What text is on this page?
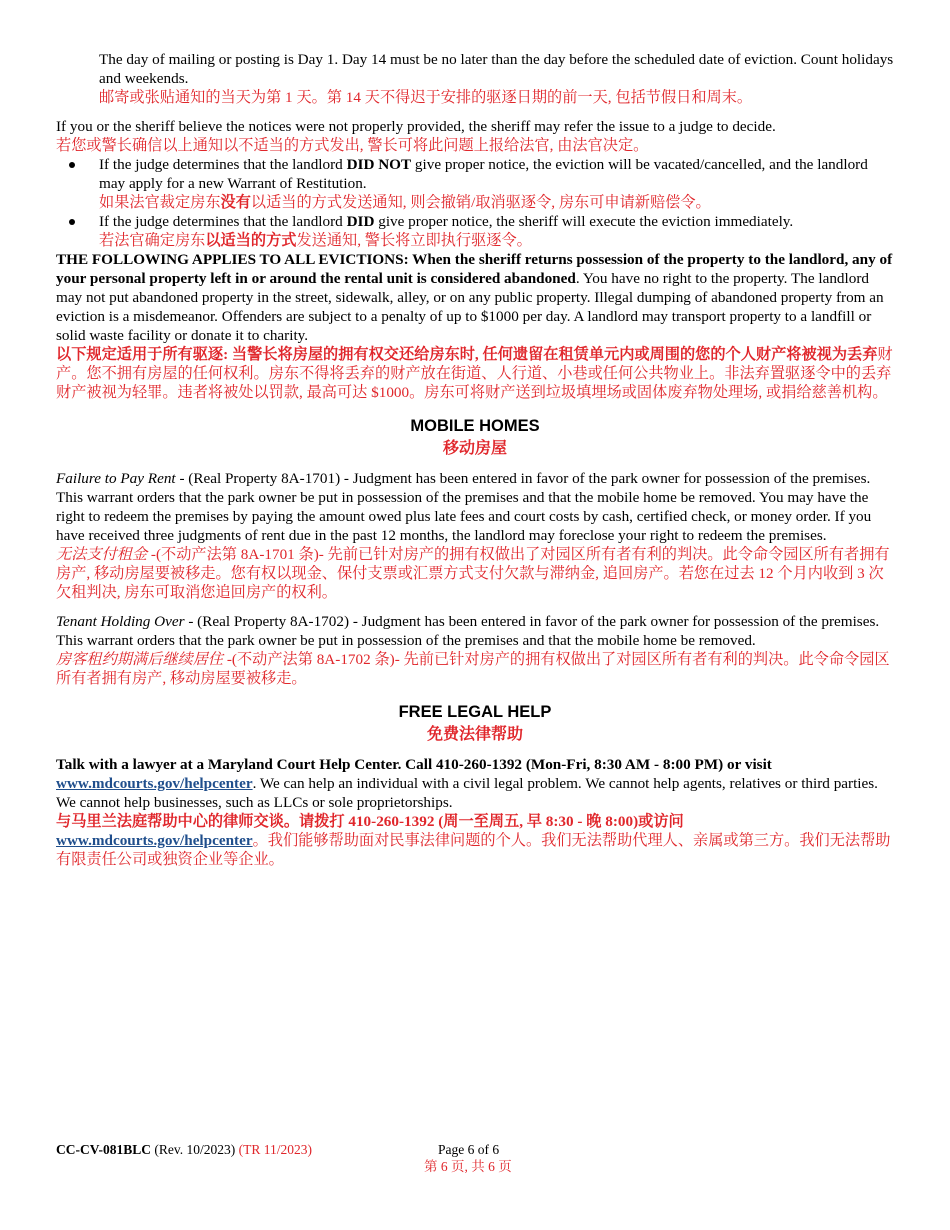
The day of mailing or posting is Day 1. Day 14 must be no later than the day before the scheduled date of eviction. Count holidays and weekends.

邮寄或张贴通知的当天为第 1 天。第 14 天不得迟于安排的驱逐日期的前一天, 包括节假日和周末。

If you or the sheriff believe the notices were not properly provided, the sheriff may refer the issue to a judge to decide.

若您或警长确信以上通知以不适当的方式发出, 警长可将此问题上报给法官, 由法官决定。

If the judge determines that the landlord DID NOT give proper notice, the eviction will be vacated/cancelled, and the landlord may apply for a new Warrant of Restitution.

如果法官裁定房东没有以适当的方式发送通知, 则会撤销/取消驱逐令, 房东可申请新赔偿令。

If the judge determines that the landlord DID give proper notice, the sheriff will execute the eviction immediately.

若法官确定房东以适当的方式发送通知, 警长将立即执行驱逐令。

THE FOLLOWING APPLIES TO ALL EVICTIONS: When the sheriff returns possession of the property to the landlord, any of your personal property left in or around the rental unit is considered abandoned. You have no right to the property. The landlord may not put abandoned property in the street, sidewalk, alley, or on any public property. Illegal dumping of abandoned property from an eviction is a misdemeanor. Offenders are subject to a penalty of up to $1000 per day. A landlord may transport property to a landfill or solid waste facility or donate it to charity.

以下规定适用于所有驱逐: 当警长将房屋的拥有权交还给房东时, 任何遗留在租赁单元内或周围的您的个人财产将被视为丢弃财产。您不拥有房屋的任何权利。房东不得将丢弃的财产放在街道、人行道、小巷或任何公共物业上。非法弃置驱逐令中的丢弃财产被视为轻罪。违者将被处以罚款, 最高可达 $1000。房东可将财产送到垃圾填埋场或固体废弃物处理场, 或捐给慈善机构。

MOBILE HOMES
移动房屋

Failure to Pay Rent - (Real Property 8A-1701) - Judgment has been entered in favor of the park owner for possession of the premises. This warrant orders that the park owner be put in possession of the premises and that the mobile home be removed. You may have the right to redeem the premises by paying the amount owed plus late fees and court costs by cash, certified check, or money order. If you have received three judgments of rent due in the past 12 months, the landlord may foreclose your right to redeem the premises.

无法支付租金 -(不动产法第 8A-1701 条)- 先前已针对房产的拥有权做出了对园区所有者有利的判决。此令命令园区所有者拥有房产, 移动房屋要被移走。您有权以现金、保付支票或汇票方式支付欠款与滞纳金, 追回房产。若您在过去 12 个月内收到 3 次欠租判决, 房东可取消您追回房产的权利。

Tenant Holding Over - (Real Property 8A-1702) - Judgment has been entered in favor of the park owner for possession of the premises. This warrant orders that the park owner be put in possession of the premises and that the mobile home be removed.

房客租约期满后继续居住 -(不动产法第 8A-1702 条)- 先前已针对房产的拥有权做出了对园区所有者有利的判决。此令命令园区所有者拥有房产, 移动房屋要被移走。

FREE LEGAL HELP
免费法律帮助

Talk with a lawyer at a Maryland Court Help Center. Call 410-260-1392 (Mon-Fri, 8:30 AM - 8:00 PM) or visit www.mdcourts.gov/helpcenter. We can help an individual with a civil legal problem. We cannot help agents, relatives or third parties. We cannot help businesses, such as LLCs or sole proprietorships.

与马里兰法庭帮助中心的律师交谈。请拨打 410-260-1392 (周一至周五, 早 8:30 - 晚 8:00)或访问 www.mdcourts.gov/helpcenter。我们能够帮助面对民事法律问题的个人。我们无法帮助代理人、亲属或第三方。我们无法帮助有限责任公司或独资企业等企业。

CC-CV-081BLC (Rev. 10/2023) (TR 11/2023)	Page 6 of 6
第 6 页, 共 6 页
